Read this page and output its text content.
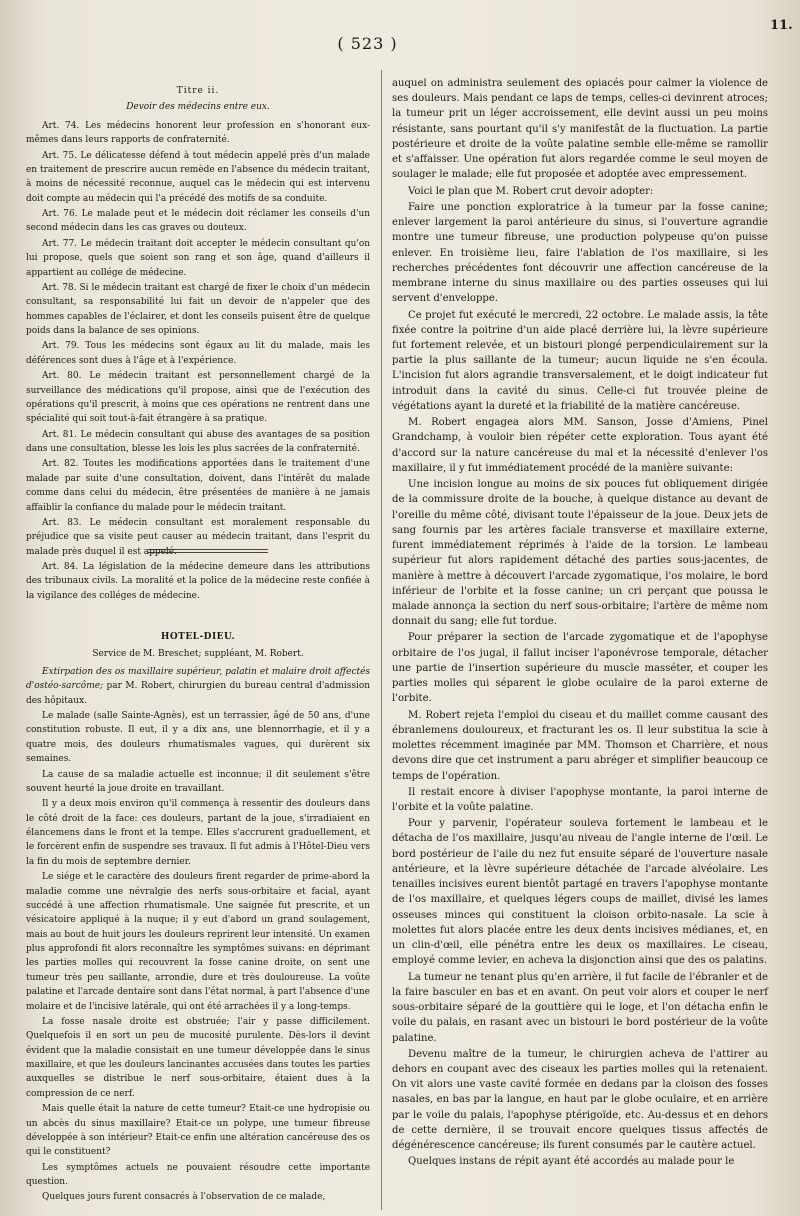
( 523 )
11.
Titre ii.
Devoir des médecins entre eux.

Art. 74. Les médecins honorent leur profession en s'honorant eux-mêmes dans leurs rapports de confraternité.

Art. 75. Le délicatesse défend à tout médecin appelé près d'un malade en traitement de prescrire aucun remède en l'absence du médecin traitant, à moins de nécessité reconnue, auquel cas le médecin qui est intervenu doit compte au médecin qui l'a précédé des motifs de sa conduite.

Art. 76. Le malade peut et le médecin doit réclamer les conseils d'un second médecin dans les cas graves ou douteux.

Art. 77. Le médecin traitant doit accepter le médecin consultant qu'on lui propose, quels que soient son rang et son âge, quand d'ailleurs il appartient au collége de médecine.

Art. 78. Si le médecin traitant est chargé de fixer le choix d'un médecin consultant, sa responsabilité lui fait un devoir de n'appeler que des hommes capables de l'éclairer, et dont les conseils puisent être de quelque poids dans la balance de ses opinions.

Art. 79. Tous les médecins sont égaux au lit du malade, mais les déférences sont dues à l'âge et à l'expérience.

Art. 80. Le médecin traitant est personnellement chargé de la surveillance des médications qu'il propose, ainsi que de l'exécution des opérations qu'il prescrit, à moins que ces opérations ne rentrent dans une spécialité qui soit tout-à-fait étrangère à sa pratique.

Art. 81. Le médecin consultant qui abuse des avantages de sa position dans une consultation, blesse les lois les plus sacrées de la confraternité.

Art. 82. Toutes les modifications apportées dans le traitement d'une malade par suite d'une consultation, doivent, dans l'intérêt du malade comme dans celui du médecin, être présentées de manière à ne jamais affaiblir la confiance du malade pour le médecin traitant.

Art. 83. Le médecin consultant est moralement responsable du préjudice que sa visite peut causer au médecin traitant, dans l'esprit du malade près duquel il est appelé.

Art. 84. La législation de la médecine demeure dans les attributions des tribunaux civils. La moralité et la police de la médecine reste confiée à la vigilance des colléges de médecine.

HOTEL-DIEU.
Service de M. Breschet; suppléant, M. Robert.

Extirpation des os maxillaire supérieur, palatin et malaire droit affectés d'ostéo-sarcôme; par M. Robert, chirurgien du bureau central d'admission des hôpitaux.

Le malade (salle Sainte-Agnès), est un terrassier, âgé de 50 ans, d'une constitution robuste. Il eut, il y a dix ans, une blennorrhagie, et il y a quatre mois, des douleurs rhumatismales vagues, qui durèrent six semaines.

La cause de sa maladie actuelle est inconnue; il dit seulement s'être souvent heurté la joue droite en travaillant.

Il y a deux mois environ qu'il commença à ressentir des douleurs dans le côté droit de la face: ces douleurs, partant de la joue, s'irradiaient en élancemens dans le front et la tempe. Elles s'accrurent graduellement, et le forcèrent enfin de suspendre ses travaux. Il fut admis à l'Hôtel-Dieu vers la fin du mois de septembre dernier.

Le siége et le caractère des douleurs firent regarder de prime-abord la maladie comme une névralgie des nerfs sous-orbitaire et facial, ayant succédé à une affection rhumatismale. Une saignée fut prescrite, et un vésicatoire appliqué à la nuque; il y eut d'abord un grand soulagement, mais au bout de huit jours les douleurs reprirent leur intensité. Un examen plus approfondi fit alors reconnaître les symptômes suivans: en déprimant les parties molles qui recouvrent la fosse canine droite, on sent une tumeur très peu saillante, arrondie, dure et très douloureuse. La voûte palatine et l'arcade dentaire sont dans l'état normal, à part l'absence d'une molaire et de l'incisive latérale, qui ont été arrachées il y a long-temps.

La fosse nasale droite est obstruée; l'air y passe difficilement. Quelquefois il en sort un peu de mucosité purulente. Dès-lors il devint évident que la maladie consistait en une tumeur développée dans le sinus maxillaire, et que les douleurs lancinantes accusées dans toutes les parties auxquelles se distribue le nerf sous-orbitaire, étaient dues à la compression de ce nerf.

Mais quelle était la nature de cette tumeur? Etait-ce une hydropisie ou un abcès du sinus maxillaire? Etait-ce un polype, une tumeur fibreuse développée à son intérieur? Etait-ce enfin une altération cancéreuse des os qui le constituent?

Les symptômes actuels ne pouvaient résoudre cette importante question.

Quelques jours furent consacrés à l'observation de ce malade,

auquel on administra seulement des opiacés pour calmer la violence de ses douleurs. Mais pendant ce laps de temps, celles-ci devinrent atroces; la tumeur prit un léger accroissement, elle devint aussi un peu moins résistante, sans pourtant qu'il s'y manifestât de la fluctuation. La partie postérieure et droite de la voûte palatine semble elle-même se ramollir et s'affaisser. Une opération fut alors regardée comme le seul moyen de soulager le malade; elle fut proposée et adoptée avec empressement.

Voici le plan que M. Robert crut devoir adopter:

Faire une ponction exploratrice à la tumeur par la fosse canine; enlever largement la paroi antérieure du sinus, si l'ouverture agrandie montre une tumeur fibreuse, une production polypeuse qu'on puisse enlever. En troisième lieu, faire l'ablation de l'os maxillaire, si les recherches précédentes font découvrir une affection cancéreuse de la membrane interne du sinus maxillaire ou des parties osseuses qui lui servent d'enveloppe.

Ce projet fut exécuté le mercredi, 22 octobre. Le malade assis, la tête fixée contre la poitrine d'un aide placé derrière lui, la lèvre supérieure fut fortement relevée, et un bistouri plongé perpendiculairement sur la partie la plus saillante de la tumeur; aucun liquide ne s'en écoula. L'incision fut alors agrandie transversalement, et le doigt indicateur fut introduit dans la cavité du sinus. Celle-ci fut trouvée pleine de végétations ayant la dureté et la friabilité de la matière cancéreuse.

M. Robert engagea alors MM. Sanson, Josse d'Amiens, Pinel Grandchamp, à vouloir bien répéter cette exploration. Tous ayant été d'accord sur la nature cancéreuse du mal et la nécessité d'enlever l'os maxillaire, il y fut immédiatement procédé de la manière suivante:

Une incision longue au moins de six pouces fut obliquement dirigée de la commissure droite de la bouche, à quelque distance au devant de l'oreille du même côté, divisant toute l'épaisseur de la joue. Deux jets de sang fournis par les artères faciale transverse et maxillaire externe, furent immédiatement réprimés à l'aide de la torsion. Le lambeau supérieur fut alors rapidement détaché des parties sous-jacentes, de manière à mettre à découvert l'arcade zygomatique, l'os molaire, le bord inférieur de l'orbite et la fosse canine; un cri perçant que poussa le malade annonça la section du nerf sous-orbitaire; l'artère de même nom donnait du sang; elle fut tordue.

Pour préparer la section de l'arcade zygomatique et de l'apophyse orbitaire de l'os jugal, il fallut inciser l'aponévrose temporale, détacher une partie de l'insertion supérieure du muscle masséter, et couper les parties molles qui séparent le globe oculaire de la paroi externe de l'orbite.

M. Robert rejeta l'emploi du ciseau et du maillet comme causant des ébranlemens douloureux, et fracturant les os. Il leur substitua la scie à molettes récemment imaginée par MM. Thomson et Charrière, et nous devons dire que cet instrument a paru abréger et simplifier beaucoup ce temps de l'opération.

Il restait encore à diviser l'apophyse montante, la paroi interne de l'orbite et la voûte palatine.

Pour y parvenir, l'opérateur souleva fortement le lambeau et le détacha de l'os maxillaire, jusqu'au niveau de l'angle interne de l'œil. Le bord postérieur de l'aile du nez fut ensuite séparé de l'ouverture nasale antérieure, et la lèvre supérieure détachée de l'arcade alvéolaire. Les tenailles incisives eurent bientôt partagé en travers l'apophyse montante de l'os maxillaire, et quelques légers coups de maillet, divisé les lames osseuses minces qui constituent la cloison orbito-nasale. La scie à molettes fut alors placée entre les deux dents incisives médianes, et, en un clin-d'œil, elle pénétra entre les deux os maxillaires. Le ciseau, employé comme levier, en acheva la disjonction ainsi que des os palatins.

La tumeur ne tenant plus qu'en arrière, il fut facile de l'ébranler et de la faire basculer en bas et en avant. On peut voir alors et couper le nerf sous-orbitaire séparé de la gouttière qui le loge, et l'on détacha enfin le voile du palais, en rasant avec un bistouri le bord postérieur de la voûte palatine.

Devenu maître de la tumeur, le chirurgien acheva de l'attirer au dehors en coupant avec des ciseaux les parties molles qui la retenaient. On vit alors une vaste cavité formée en dedans par la cloison des fosses nasales, en bas par la langue, en haut par le globe oculaire, et en arrière par le voile du palais, l'apophyse ptérigoïde, etc. Au-dessus et en dehors de cette dernière, il se trouvait encore quelques tissus affectés de dégénérescence cancéreuse; ils furent consumés par le cautère actuel.

Quelques instans de répit ayant été accordés au malade pour le
